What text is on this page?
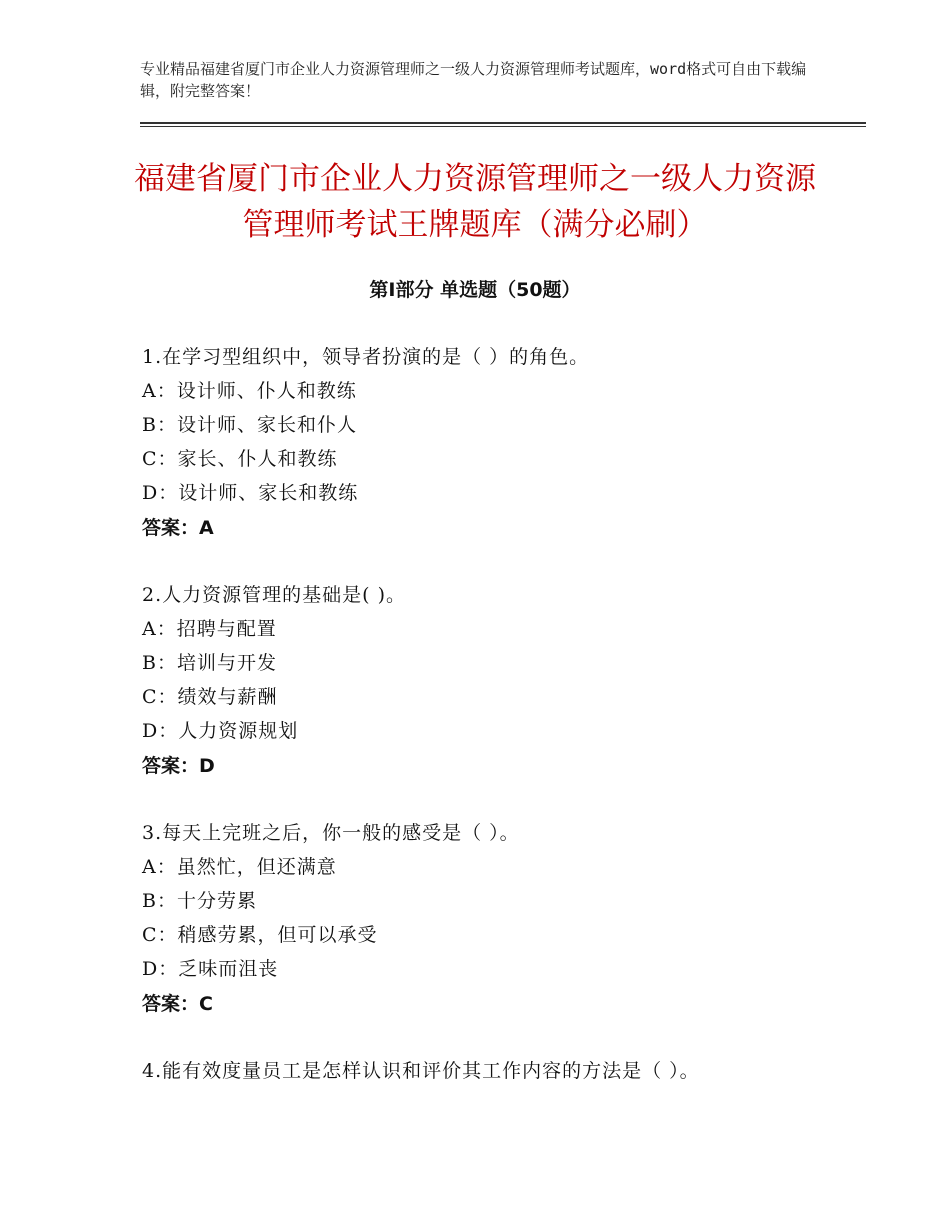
专业精品福建省厦门市企业人力资源管理师之一级人力资源管理师考试题库，word格式可自由下载编辑，附完整答案！
福建省厦门市企业人力资源管理师之一级人力资源管理师考试王牌题库（满分必刷）
第Ⅰ部分 单选题（50题）
1.在学习型组织中，领导者扮演的是（ ）的角色。
A：设计师、仆人和教练
B：设计师、家长和仆人
C：家长、仆人和教练
D：设计师、家长和教练
答案：A
2.人力资源管理的基础是( )。
A：招聘与配置
B：培训与开发
C：绩效与薪酬
D：人力资源规划
答案：D
3.每天上完班之后，你一般的感受是（ ）。
A：虽然忙，但还满意
B：十分劳累
C：稍感劳累，但可以承受
D：乏味而沮丧
答案：C
4.能有效度量员工是怎样认识和评价其工作内容的方法是（ ）。
